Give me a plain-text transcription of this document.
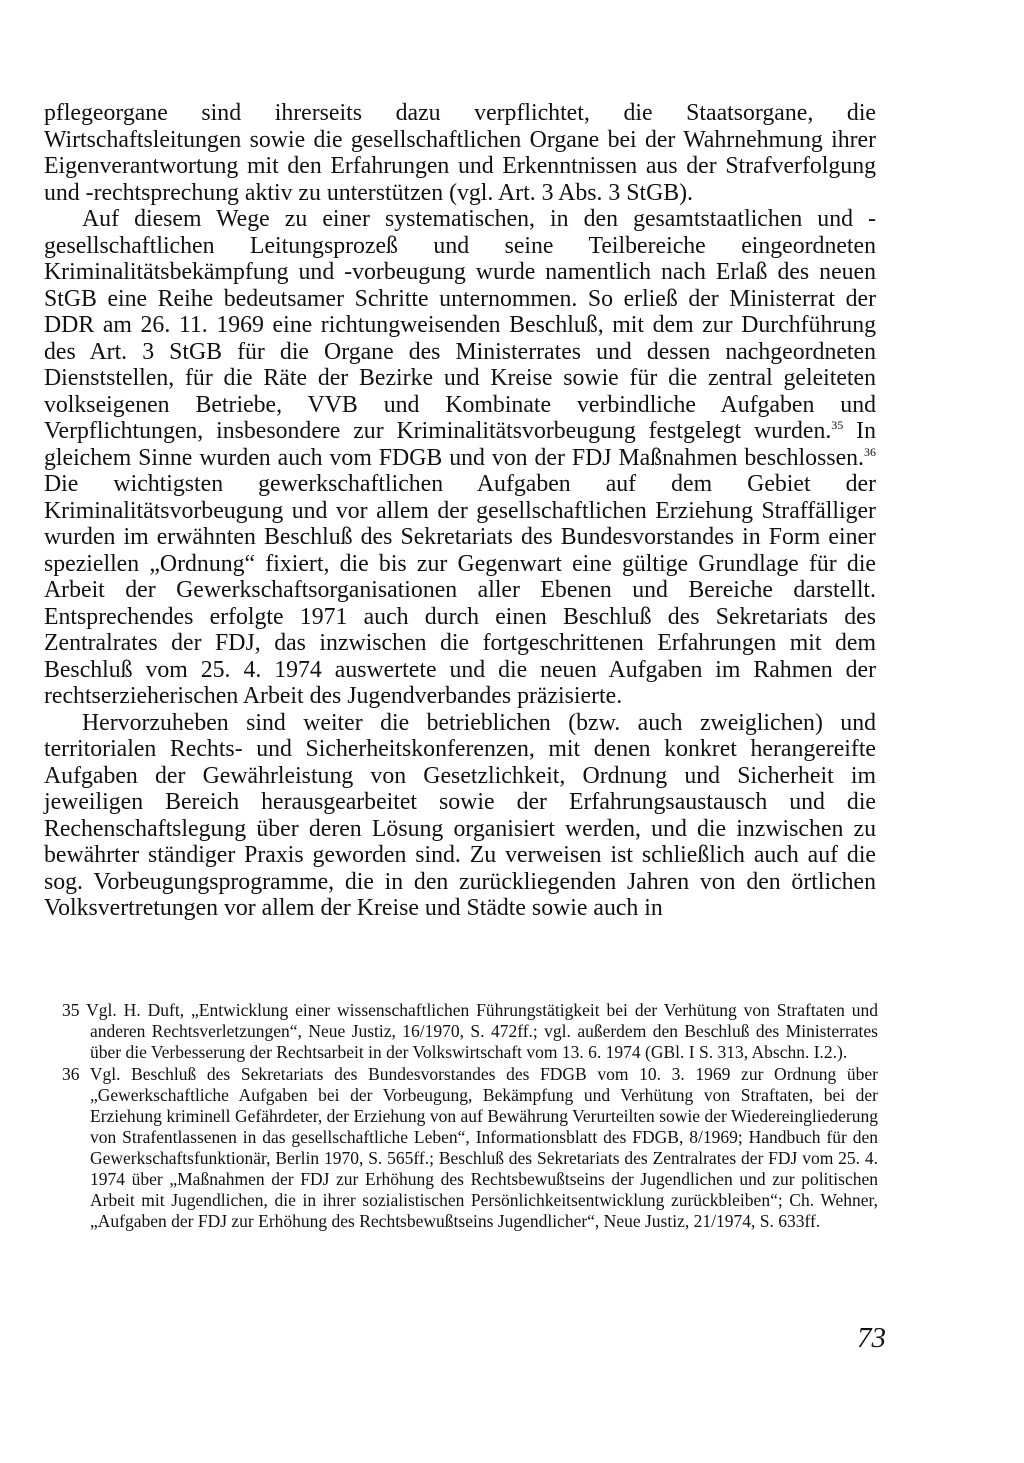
pflegeorgane sind ihrerseits dazu verpflichtet, die Staatsorgane, die Wirtschaftsleitungen sowie die gesellschaftlichen Organe bei der Wahrnehmung ihrer Eigenverantwortung mit den Erfahrungen und Erkenntnissen aus der Strafverfolgung und -rechtsprechung aktiv zu unterstützen (vgl. Art. 3 Abs. 3 StGB).

Auf diesem Wege zu einer systematischen, in den gesamtstaatlichen und -gesellschaftlichen Leitungsprozeß und seine Teilbereiche eingeordneten Kriminalitätsbekämpfung und -vorbeugung wurde namentlich nach Erlaß des neuen StGB eine Reihe bedeutsamer Schritte unternommen. So erließ der Ministerrat der DDR am 26. 11. 1969 eine richtungweisenden Beschluß, mit dem zur Durchführung des Art. 3 StGB für die Organe des Ministerrates und dessen nachgeordneten Dienststellen, für die Räte der Bezirke und Kreise sowie für die zentral geleiteten volkseigenen Betriebe, VVB und Kombinate verbindliche Aufgaben und Verpflichtungen, insbesondere zur Kriminalitätsvorbeugung festgelegt wurden.$^{35}$ In gleichem Sinne wurden auch vom FDGB und von der FDJ Maßnahmen beschlossen.$^{36}$ Die wichtigsten gewerkschaftlichen Aufgaben auf dem Gebiet der Kriminalitätsvorbeugung und vor allem der gesellschaftlichen Erziehung Straffälliger wurden im erwähnten Beschluß des Sekretariats des Bundesvorstandes in Form einer speziellen „Ordnung“ fixiert, die bis zur Gegenwart eine gültige Grundlage für die Arbeit der Gewerkschaftsorganisationen aller Ebenen und Bereiche darstellt. Entsprechendes erfolgte 1971 auch durch einen Beschluß des Sekretariats des Zentralrates der FDJ, das inzwischen die fortgeschrittenen Erfahrungen mit dem Beschluß vom 25. 4. 1974 auswertete und die neuen Aufgaben im Rahmen der rechtserzieherischen Arbeit des Jugendverbandes präzisierte.

Hervorzuheben sind weiter die betrieblichen (bzw. auch zweiglichen) und territorialen Rechts- und Sicherheitskonferenzen, mit denen konkret herangereifte Aufgaben der Gewährleistung von Gesetzlichkeit, Ordnung und Sicherheit im jeweiligen Bereich herausgearbeitet sowie der Erfahrungsaustausch und die Rechenschaftslegung über deren Lösung organisiert werden, und die inzwischen zu bewährter ständiger Praxis geworden sind. Zu verweisen ist schließlich auch auf die sog. Vorbeugungsprogramme, die in den zurückliegenden Jahren von den örtlichen Volksvertretungen vor allem der Kreise und Städte sowie auch in

35 Vgl. H. Duft, „Entwicklung einer wissenschaftlichen Führungstätigkeit bei der Verhütung von Straftaten und anderen Rechtsverletzungen“, Neue Justiz, 16/1970, S. 472ff.; vgl. außerdem den Beschluß des Ministerrates über die Verbesserung der Rechtsarbeit in der Volkswirtschaft vom 13. 6. 1974 (GBl. I S. 313, Abschn. I.2.).

36 Vgl. Beschluß des Sekretariats des Bundesvorstandes des FDGB vom 10. 3. 1969 zur Ordnung über „Gewerkschaftliche Aufgaben bei der Vorbeugung, Bekämpfung und Verhütung von Straftaten, bei der Erziehung kriminell Gefährdeter, der Erziehung von auf Bewährung Verurteilten sowie der Wiedereingliederung von Strafentlassenen in das gesellschaftliche Leben“, Informationsblatt des FDGB, 8/1969; Handbuch für den Gewerkschaftsfunktionär, Berlin 1970, S. 565ff.; Beschluß des Sekretariats des Zentralrates der FDJ vom 25. 4. 1974 über „Maßnahmen der FDJ zur Erhöhung des Rechtsbewußtseins der Jugendlichen und zur politischen Arbeit mit Jugendlichen, die in ihrer sozialistischen Persönlichkeitsentwicklung zurückbleiben“; Ch. Wehner, „Aufgaben der FDJ zur Erhöhung des Rechtsbewußtseins Jugendlicher“, Neue Justiz, 21/1974, S. 633ff.

73
